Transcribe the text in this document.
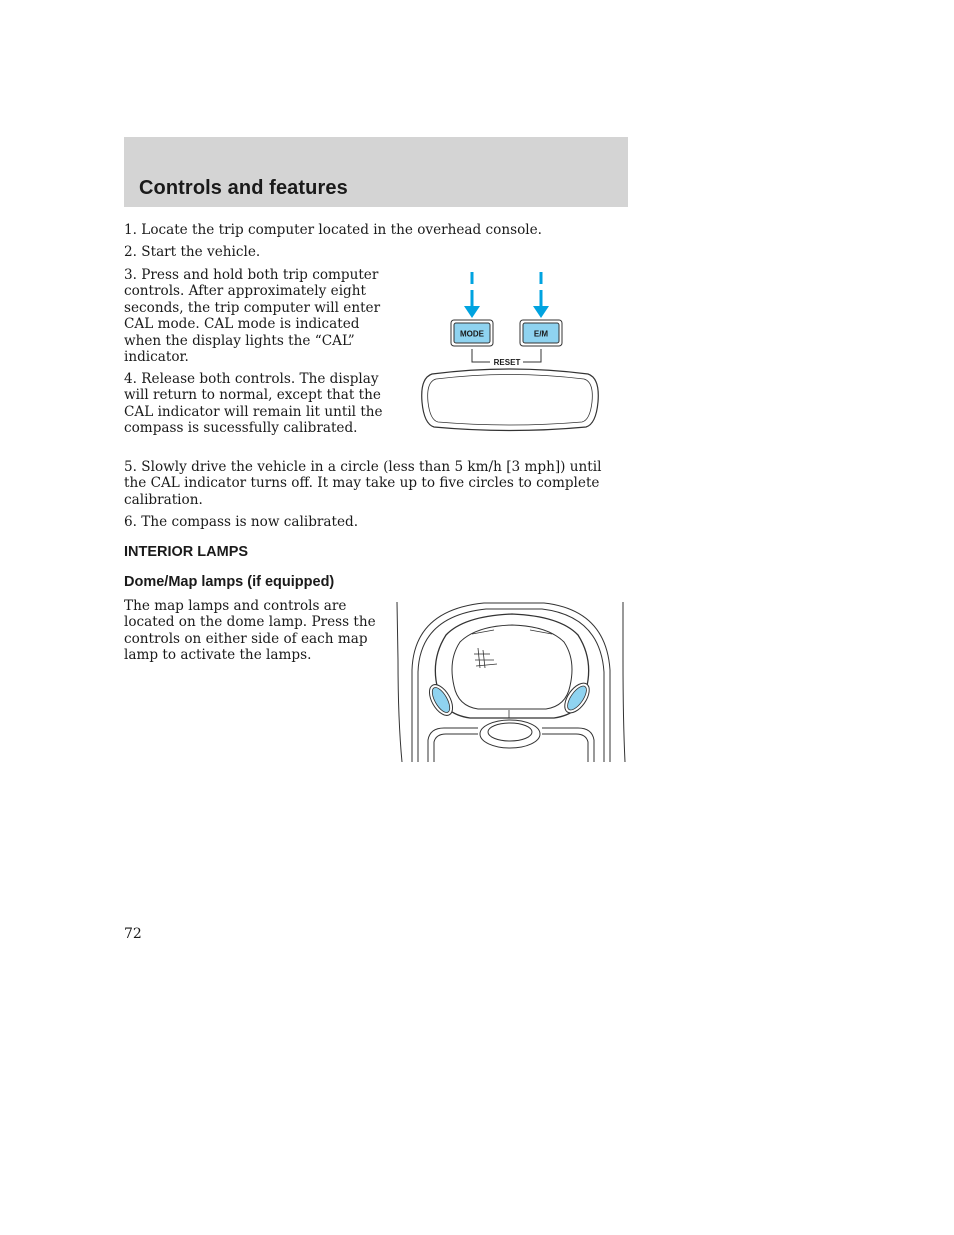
Controls and features

1. Locate the trip computer located in the overhead console.

2. Start the vehicle.

3. Press and hold both trip computer controls. After approximately eight seconds, the trip computer will enter CAL mode. CAL mode is indicated when the display lights the “CAL” indicator.

4. Release both controls. The display will return to normal, except that the CAL indicator will remain lit until the compass is sucessfully calibrated.

5. Slowly drive the vehicle in a circle (less than 5 km/h [3 mph]) until the CAL indicator turns off. It may take up to five circles to complete calibration.

6. The compass is now calibrated.

MODE	E/M
RESET
INTERIOR LAMPS
Dome/Map lamps (if equipped)

The map lamps and controls are located on the dome lamp. Press the controls on either side of each map lamp to activate the lamps.

72
